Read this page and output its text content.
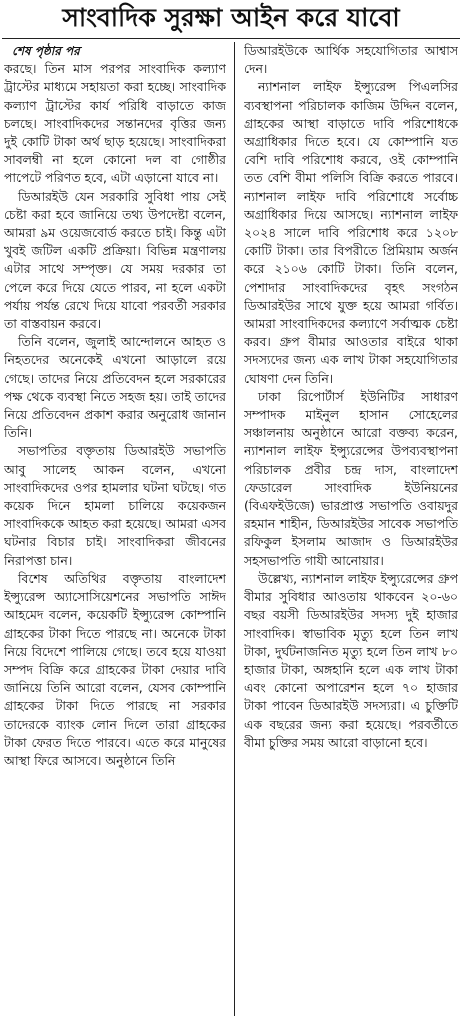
সাংবাদিক সুরক্ষা আইন করে যাবো
শেষ পৃষ্ঠার পর

করছে। তিন মাস পরপর সাংবাদিক কল্যাণ ট্রাস্টের মাধ্যমে সহায়তা করা হচ্ছে। সাংবাদিক কল্যাণ ট্রাস্টের কার্য পরিধি বাড়াতে কাজ চলছে। সাংবাদিকদের সন্তানদের বৃত্তির জন্য দুই কোটি টাকা অর্থ ছাড় হয়েছে। সাংবাদিকরা সাবলম্বী না হলে কোনো দল বা গোষ্ঠীর পাপেটে পরিণত হবে, এটা এড়ানো যাবে না।

ডিআরইউ যেন সরকারি সুবিধা পায় সেই চেষ্টা করা হবে জানিয়ে তথ্য উপদেষ্টা বলেন, আমরা ৯ম ওয়েজবোর্ড করতে চাই। কিন্তু এটা খুবই জটিল একটি প্রক্রিয়া। বিভিন্ন মন্ত্রণালয় এটার সাথে সম্পৃক্ত। যে সময় দরকার তা পেলে করে দিয়ে যেতে পারব, না হলে একটা পর্যায় পর্যন্ত রেখে দিয়ে যাবো পরবর্তী সরকার তা বাস্তবায়ন করবে।

তিনি বলেন, জুলাই আন্দোলনে আহত ও নিহতদের অনেকেই এখনো আড়ালে রয়ে গেছে। তাদের নিয়ে প্রতিবেদন হলে সরকারের পক্ষ থেকে ব্যবস্থা নিতে সহজ হয়। তাই তাদের নিয়ে প্রতিবেদন প্রকাশ করার অনুরোধ জানান তিনি।

সভাপতির বক্তৃতায় ডিআরইউ সভাপতি আবু সালেহ আকন বলেন, এখনো সাংবাদিকদের ওপর হামলার ঘটনা ঘটছে। গত কয়েক দিনে হামলা চালিয়ে কয়েকজন সাংবাদিককে আহত করা হয়েছে। আমরা এসব ঘটনার বিচার চাই। সাংবাদিকরা জীবনের নিরাপত্তা চান।

বিশেষ অতিথির বক্তৃতায় বাংলাদেশ ইন্স্যুরেন্স অ্যাসোসিয়েশনের সভাপতি সাঈদ আহমেদ বলেন, কয়েকটি ইন্স্যুরেন্স কোম্পানি গ্রাহকের টাকা দিতে পারছে না। অনেকে টাকা নিয়ে বিদেশে পালিয়ে গেছে। তবে হয়ে যাওয়া সম্পদ বিক্রি করে গ্রাহকের টাকা দেয়ার দাবি জানিয়ে তিনি আরো বলেন, যেসব কোম্পানি গ্রাহকের টাকা দিতে পারছে না সরকার তাদেরকে ব্যাংক লোন দিলে তারা গ্রাহকের টাকা ফেরত দিতে পারবে। এতে করে মানুষের আস্থা ফিরে আসবে। অনুষ্ঠানে তিনি

ডিআরইউকে আর্থিক সহযোগিতার আশ্বাস দেন।

ন্যাশনাল লাইফ ইন্স্যুরেন্স পিএলসির ব্যবস্থাপনা পরিচালক কাজিম উদ্দিন বলেন, গ্রাহকের আস্থা বাড়াতে দাবি পরিশোধকে অগ্রাধিকার দিতে হবে। যে কোম্পানি যত বেশি দাবি পরিশোধ করবে, ওই কোম্পানি তত বেশি বীমা পলিসি বিক্রি করতে পারবে। ন্যাশনাল লাইফ দাবি পরিশোধে সর্বোচ্চ অগ্রাধিকার দিয়ে আসছে। ন্যাশনাল লাইফ ২০২৪ সালে দাবি পরিশোধ করে ১২০৮ কোটি টাকা। তার বিপরীতে প্রিমিয়াম অর্জন করে ২১০৬ কোটি টাকা। তিনি বলেন, পেশাদার সাংবাদিকদের বৃহৎ সংগঠন ডিআরইউর সাথে যুক্ত হয়ে আমরা গর্বিত। আমরা সাংবাদিকদের কল্যাণে সর্বাত্মক চেষ্টা করব। গ্রুপ বীমার আওতার বাইরে থাকা সদস্যদের জন্য এক লাখ টাকা সহযোগিতার ঘোষণা দেন তিনি।

ঢাকা রিপোর্টার্স ইউনিটির সাধারণ সম্পাদক মাইনুল হাসান সোহেলের সঞ্চালনায় অনুষ্ঠানে আরো বক্তব্য করেন, ন্যাশনাল লাইফ ইন্স্যুরেন্সের উপব্যবস্থাপনা পরিচালক প্রবীর চন্দ্র দাস, বাংলাদেশ ফেডারেল সাংবাদিক ইউনিয়নের (বিএফইউজে) ভারপ্রাপ্ত সভাপতি ওবায়দুর রহমান শাহীন, ডিআরইউর সাবেক সভাপতি রফিকুল ইসলাম আজাদ ও ডিআরইউর সহসভাপতি গাযী আনোয়ার।

উল্লেখ্য, ন্যাশনাল লাইফ ইন্স্যুরেন্সের গ্রুপ বীমার সুবিধার আওতায় থাকবেন ২০-৬০ বছর বয়সী ডিআরইউর সদস্য দুই হাজার সাংবাদিক। স্বাভাবিক মৃত্যু হলে তিন লাখ টাকা, দুর্ঘটনাজনিত মৃত্যু হলে তিন লাখ ৮০ হাজার টাকা, অঙ্গহানি হলে এক লাখ টাকা এবং কোনো অপারেশন হলে ৭০ হাজার টাকা পাবেন ডিআরইউ সদস্যরা। এ চুক্তিটি এক বছরের জন্য করা হয়েছে। পরবর্তীতে বীমা চুক্তির সময় আরো বাড়ানো হবে।
